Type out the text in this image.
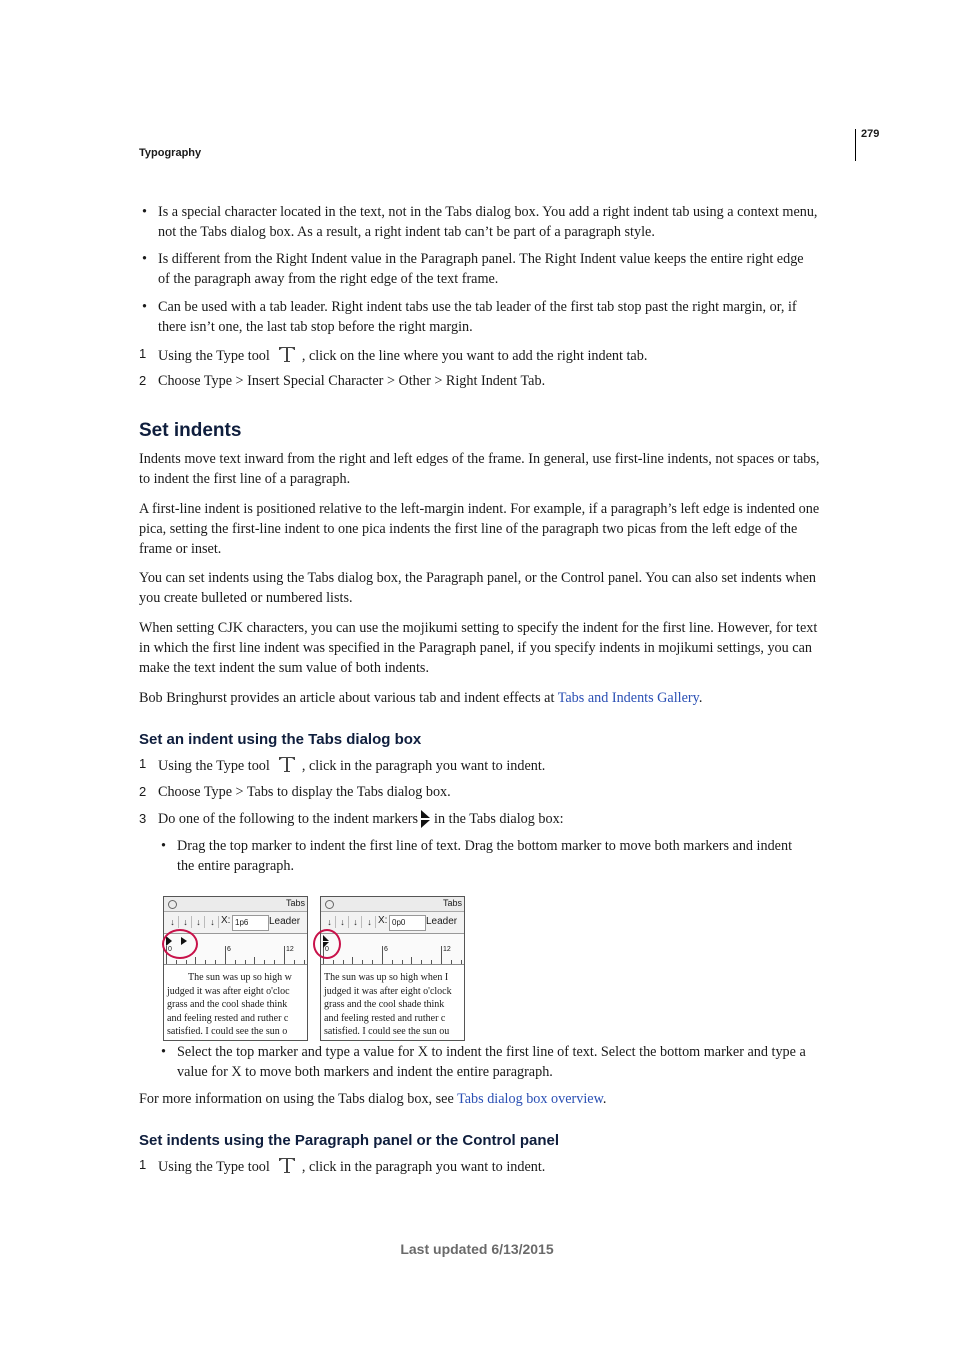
279
Typography
• Is a special character located in the text, not in the Tabs dialog box. You add a right indent tab using a context menu,
not the Tabs dialog box. As a result, a right indent tab can’t be part of a paragraph style.
• Is different from the Right Indent value in the Paragraph panel. The Right Indent value keeps the entire right edge
of the paragraph away from the right edge of the text frame.
• Can be used with a tab leader. Right indent tabs use the tab leader of the first tab stop past the right margin, or, if
there isn’t one, the last tab stop before the right margin.
1 Using the Type tool , click on the line where you want to add the right indent tab.
2 Choose Type > Insert Special Character > Other > Right Indent Tab.
Set indents
Indents move text inward from the right and left edges of the frame. In general, use first-line indents, not spaces or tabs,
to indent the first line of a paragraph.
A first-line indent is positioned relative to the left-margin indent. For example, if a paragraph’s left edge is indented one
pica, setting the first-line indent to one pica indents the first line of the paragraph two picas from the left edge of the
frame or inset.
You can set indents using the Tabs dialog box, the Paragraph panel, or the Control panel. You can also set indents when
you create bulleted or numbered lists.
When setting CJK characters, you can use the mojikumi setting to specify the indent for the first line. However, for text
in which the first line indent was specified in the Paragraph panel, if you specify indents in mojikumi settings, you can
make the text indent the sum value of both indents.
Bob Bringhurst provides an article about various tab and indent effects at Tabs and Indents Gallery.
Set an indent using the Tabs dialog box
1 Using the Type tool , click in the paragraph you want to indent.
2 Choose Type > Tabs to display the Tabs dialog box.
3 Do one of the following to the indent markers in the Tabs dialog box:
• Drag the top marker to indent the first line of text. Drag the bottom marker to move both markers and indent
the entire paragraph.
Tabs
↓ ↓ ↓	↓ X: 1p6	Leader
0	6	12
The sun was up so high w
judged it was after eight o'cloc
grass and the cool shade think
and feeling rested and ruther c
satisfied. I could see the sun o
Tabs
↓ ↓ ↓	↓ X: 0p0	Leader
0	6	12
The sun was up so high when I
judged it was after eight o'clock
grass and the cool shade think
and feeling rested and ruther c
satisfied. I could see the sun ou
• Select the top marker and type a value for X to indent the first line of text. Select the bottom marker and type a
value for X to move both markers and indent the entire paragraph.
For more information on using the Tabs dialog box, see Tabs dialog box overview.
Set indents using the Paragraph panel or the Control panel
1 Using the Type tool , click in the paragraph you want to indent.
Last updated 6/13/2015
